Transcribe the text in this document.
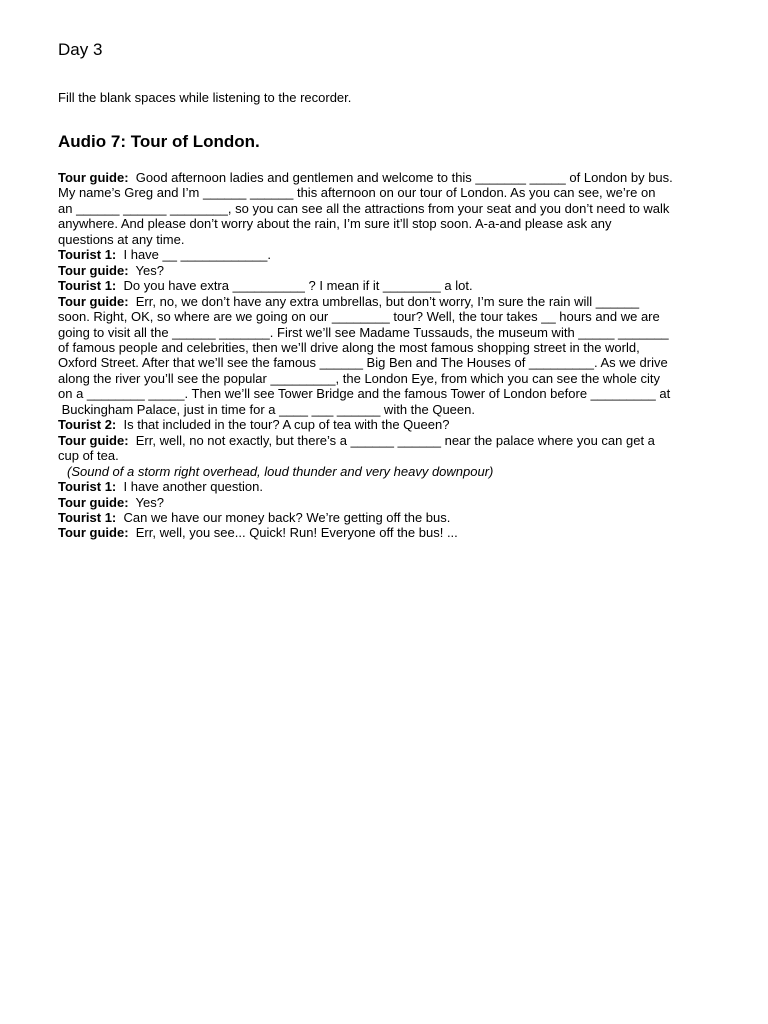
Day 3

Fill the blank spaces while listening to the recorder.

Audio 7: Tour of London.

Tour guide:  Good afternoon ladies and gentlemen and welcome to this _______ _____ of London by bus.

My name’s Greg and I’m ______ ______ this afternoon on our tour of London. As you can see, we’re on

an ______ ______ ________, so you can see all the attractions from your seat and you don’t need to walk

anywhere. And please don’t worry about the rain, I’m sure it’ll stop soon. A-a-and please ask any

questions at any time.

Tourist 1:  I have __ ____________.

Tour guide:  Yes?

Tourist 1:  Do you have extra __________ ? I mean if it ________ a lot.

Tour guide:  Err, no, we don’t have any extra umbrellas, but don’t worry, I’m sure the rain will ______

soon. Right, OK, so where are we going on our ________ tour? Well, the tour takes __ hours and we are

going to visit all the ______ _______. First we’ll see Madame Tussauds, the museum with _____ _______

of famous people and celebrities, then we’ll drive along the most famous shopping street in the world,

Oxford Street. After that we’ll see the famous ______ Big Ben and The Houses of _________. As we drive

along the river you’ll see the popular _________, the London Eye, from which you can see the whole city

on a ________ _____. Then we’ll see Tower Bridge and the famous Tower of London before _________ at

Buckingham Palace, just in time for a ____ ___ ______ with the Queen.

Tourist 2:  Is that included in the tour? A cup of tea with the Queen?

Tour guide:  Err, well, no not exactly, but there’s a ______ ______ near the palace where you can get a

cup of tea.

(Sound of a storm right overhead, loud thunder and very heavy downpour)

Tourist 1:  I have another question.

Tour guide:  Yes?

Tourist 1:  Can we have our money back? We’re getting off the bus.

Tour guide:  Err, well, you see... Quick! Run! Everyone off the bus! ...
